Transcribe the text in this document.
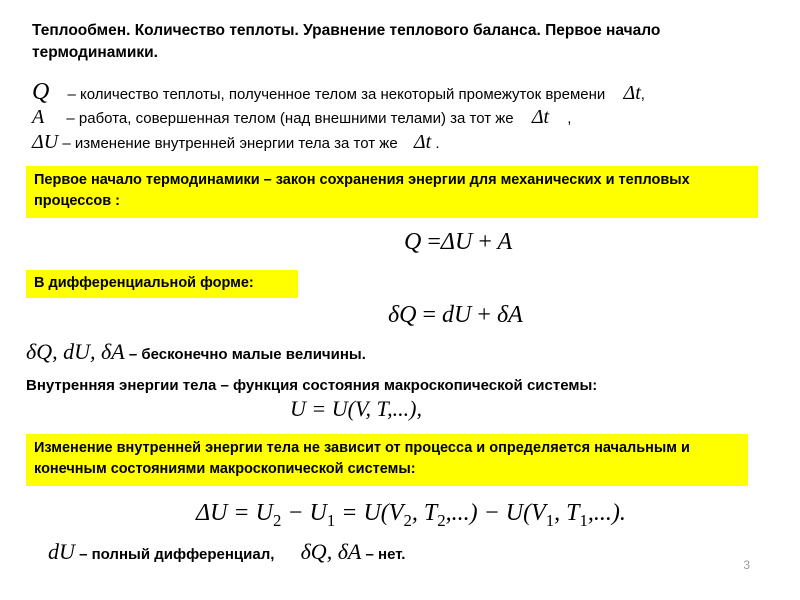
Теплообмен. Количество теплоты. Уравнение теплового баланса. Первое начало термодинамики.
Q – количество теплоты, полученное телом за некоторый промежуток времени Δt,
A – работа, совершенная телом (над внешними телами) за тот же Δt ,
ΔU – изменение внутренней энергии тела за тот же Δt .
Первое начало термодинамики – закон сохранения энергии для механических и тепловых процессов :
Q =ΔU + A
В дифференциальной форме:
δQ = dU + δA
δQ, dU, δA – бесконечно малые величины.
Внутренняя энергии тела – функция состояния макроскопической системы:
U = U(V, T,...),
Изменение внутренней энергии тела не зависит от процесса и определяется начальным и конечным состояниями макроскопической системы:
$\Delta U = U_2 - U_1 = U(V_2$, $T_2,...) - U(V_1$, $T_1$,...).
dU – полный дифференциал, δQ, δA – нет.
3
